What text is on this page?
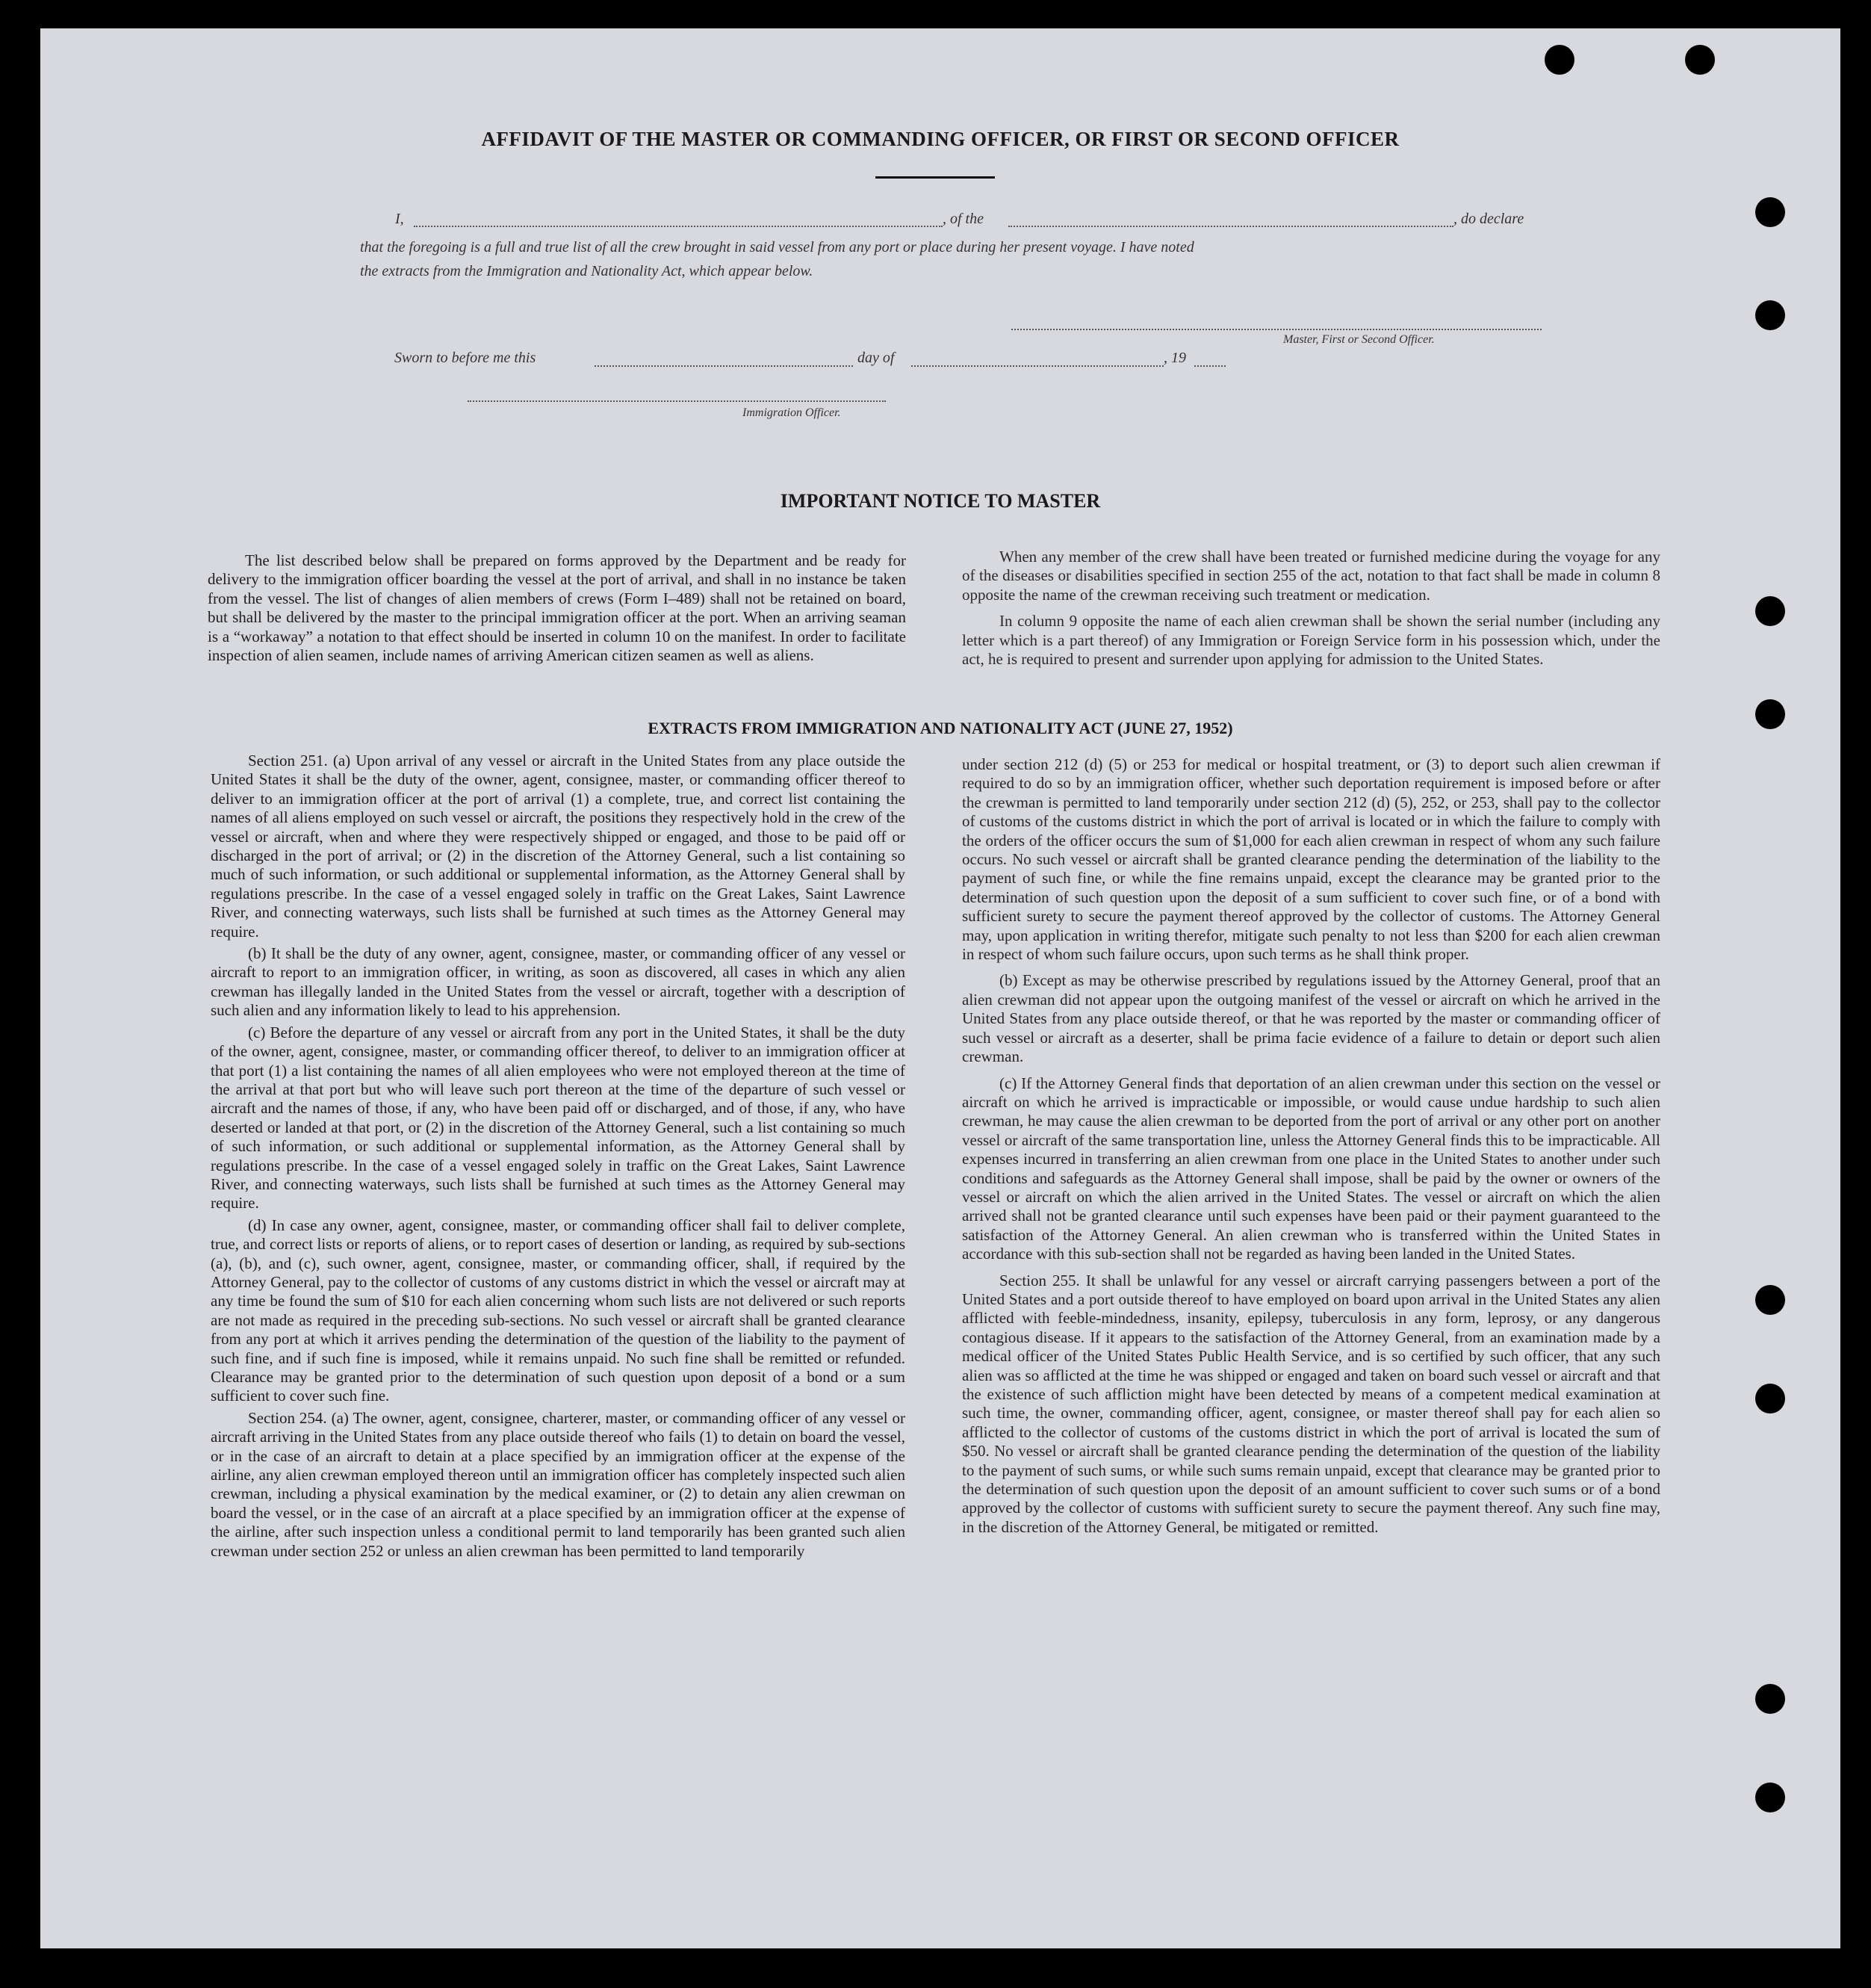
AFFIDAVIT OF THE MASTER OR COMMANDING OFFICER, OR FIRST OR SECOND OFFICER
I,	, of the	, do declare
that the foregoing is a full and true list of all the crew brought in said vessel from any port or place during her present voyage. I have noted
the extracts from the Immigration and Nationality Act, which appear below.
Master, First or Second Officer.
Sworn to before me this	day of	, 19
Immigration Officer.
IMPORTANT NOTICE TO MASTER

The list described below shall be prepared on forms approved by the Department and be ready for delivery to the immigration officer boarding the vessel at the port of arrival, and shall in no instance be taken from the vessel. The list of changes of alien members of crews (Form I–489) shall not be retained on board, but shall be delivered by the master to the principal immigration officer at the port. When an arriving seaman is a “workaway” a notation to that effect should be inserted in column 10 on the manifest. In order to facilitate inspection of alien seamen, include names of arriving American citizen seamen as well as aliens.

When any member of the crew shall have been treated or furnished medicine during the voyage for any of the diseases or disabilities specified in section 255 of the act, notation to that fact shall be made in column 8 opposite the name of the crewman receiving such treatment or medication.

In column 9 opposite the name of each alien crewman shall be shown the serial number (including any letter which is a part thereof) of any Immigration or Foreign Service form in his possession which, under the act, he is required to present and surrender upon applying for admission to the United States.

EXTRACTS FROM IMMIGRATION AND NATIONALITY ACT (JUNE 27, 1952)

Section 251. (a) Upon arrival of any vessel or aircraft in the United States from any place outside the United States it shall be the duty of the owner, agent, consignee, master, or commanding officer thereof to deliver to an immigration officer at the port of arrival (1) a complete, true, and correct list containing the names of all aliens employed on such vessel or aircraft, the positions they respectively hold in the crew of the vessel or aircraft, when and where they were respectively shipped or engaged, and those to be paid off or discharged in the port of arrival; or (2) in the discretion of the Attorney General, such a list containing so much of such information, or such additional or supplemental information, as the Attorney General shall by regulations prescribe. In the case of a vessel engaged solely in traffic on the Great Lakes, Saint Lawrence River, and connecting waterways, such lists shall be furnished at such times as the Attorney General may require.

(b) It shall be the duty of any owner, agent, consignee, master, or commanding officer of any vessel or aircraft to report to an immigration officer, in writing, as soon as discovered, all cases in which any alien crewman has illegally landed in the United States from the vessel or aircraft, together with a description of such alien and any information likely to lead to his apprehension.

(c) Before the departure of any vessel or aircraft from any port in the United States, it shall be the duty of the owner, agent, consignee, master, or commanding officer thereof, to deliver to an immigration officer at that port (1) a list containing the names of all alien employees who were not employed thereon at the time of the arrival at that port but who will leave such port thereon at the time of the departure of such vessel or aircraft and the names of those, if any, who have been paid off or discharged, and of those, if any, who have deserted or landed at that port, or (2) in the discretion of the Attorney General, such a list containing so much of such information, or such additional or supplemental information, as the Attorney General shall by regulations prescribe. In the case of a vessel engaged solely in traffic on the Great Lakes, Saint Lawrence River, and connecting waterways, such lists shall be furnished at such times as the Attorney General may require.

(d) In case any owner, agent, consignee, master, or commanding officer shall fail to deliver complete, true, and correct lists or reports of aliens, or to report cases of desertion or landing, as required by sub-sections (a), (b), and (c), such owner, agent, consignee, master, or commanding officer, shall, if required by the Attorney General, pay to the collector of customs of any customs district in which the vessel or aircraft may at any time be found the sum of $10 for each alien concerning whom such lists are not delivered or such reports are not made as required in the preceding sub-sections. No such vessel or aircraft shall be granted clearance from any port at which it arrives pending the determination of the question of the liability to the payment of such fine, and if such fine is imposed, while it remains unpaid. No such fine shall be remitted or refunded. Clearance may be granted prior to the determination of such question upon deposit of a bond or a sum sufficient to cover such fine.

Section 254. (a) The owner, agent, consignee, charterer, master, or commanding officer of any vessel or aircraft arriving in the United States from any place outside thereof who fails (1) to detain on board the vessel, or in the case of an aircraft to detain at a place specified by an immigration officer at the expense of the airline, any alien crewman employed thereon until an immigration officer has completely inspected such alien crewman, including a physical examination by the medical examiner, or (2) to detain any alien crewman on board the vessel, or in the case of an aircraft at a place specified by an immigration officer at the expense of the airline, after such inspection unless a conditional permit to land temporarily has been granted such alien crewman under section 252 or unless an alien crewman has been permitted to land temporarily

under section 212 (d) (5) or 253 for medical or hospital treatment, or (3) to deport such alien crewman if required to do so by an immigration officer, whether such deportation requirement is imposed before or after the crewman is permitted to land temporarily under section 212 (d) (5), 252, or 253, shall pay to the collector of customs of the customs district in which the port of arrival is located or in which the failure to comply with the orders of the officer occurs the sum of $1,000 for each alien crewman in respect of whom any such failure occurs. No such vessel or aircraft shall be granted clearance pending the determination of the liability to the payment of such fine, or while the fine remains unpaid, except the clearance may be granted prior to the determination of such question upon the deposit of a sum sufficient to cover such fine, or of a bond with sufficient surety to secure the payment thereof approved by the collector of customs. The Attorney General may, upon application in writing therefor, mitigate such penalty to not less than $200 for each alien crewman in respect of whom such failure occurs, upon such terms as he shall think proper.

(b) Except as may be otherwise prescribed by regulations issued by the Attorney General, proof that an alien crewman did not appear upon the outgoing manifest of the vessel or aircraft on which he arrived in the United States from any place outside thereof, or that he was reported by the master or commanding officer of such vessel or aircraft as a deserter, shall be prima facie evidence of a failure to detain or deport such alien crewman.

(c) If the Attorney General finds that deportation of an alien crewman under this section on the vessel or aircraft on which he arrived is impracticable or impossible, or would cause undue hardship to such alien crewman, he may cause the alien crewman to be deported from the port of arrival or any other port on another vessel or aircraft of the same transportation line, unless the Attorney General finds this to be impracticable. All expenses incurred in transferring an alien crewman from one place in the United States to another under such conditions and safeguards as the Attorney General shall impose, shall be paid by the owner or owners of the vessel or aircraft on which the alien arrived in the United States. The vessel or aircraft on which the alien arrived shall not be granted clearance until such expenses have been paid or their payment guaranteed to the satisfaction of the Attorney General. An alien crewman who is transferred within the United States in accordance with this sub-section shall not be regarded as having been landed in the United States.

Section 255. It shall be unlawful for any vessel or aircraft carrying passengers between a port of the United States and a port outside thereof to have employed on board upon arrival in the United States any alien afflicted with feeble-mindedness, insanity, epilepsy, tuberculosis in any form, leprosy, or any dangerous contagious disease. If it appears to the satisfaction of the Attorney General, from an examination made by a medical officer of the United States Public Health Service, and is so certified by such officer, that any such alien was so afflicted at the time he was shipped or engaged and taken on board such vessel or aircraft and that the existence of such affliction might have been detected by means of a competent medical examination at such time, the owner, commanding officer, agent, consignee, or master thereof shall pay for each alien so afflicted to the collector of customs of the customs district in which the port of arrival is located the sum of $50. No vessel or aircraft shall be granted clearance pending the determination of the question of the liability to the payment of such sums, or while such sums remain unpaid, except that clearance may be granted prior to the determination of such question upon the deposit of an amount sufficient to cover such sums or of a bond approved by the collector of customs with sufficient surety to secure the payment thereof. Any such fine may, in the discretion of the Attorney General, be mitigated or remitted.
